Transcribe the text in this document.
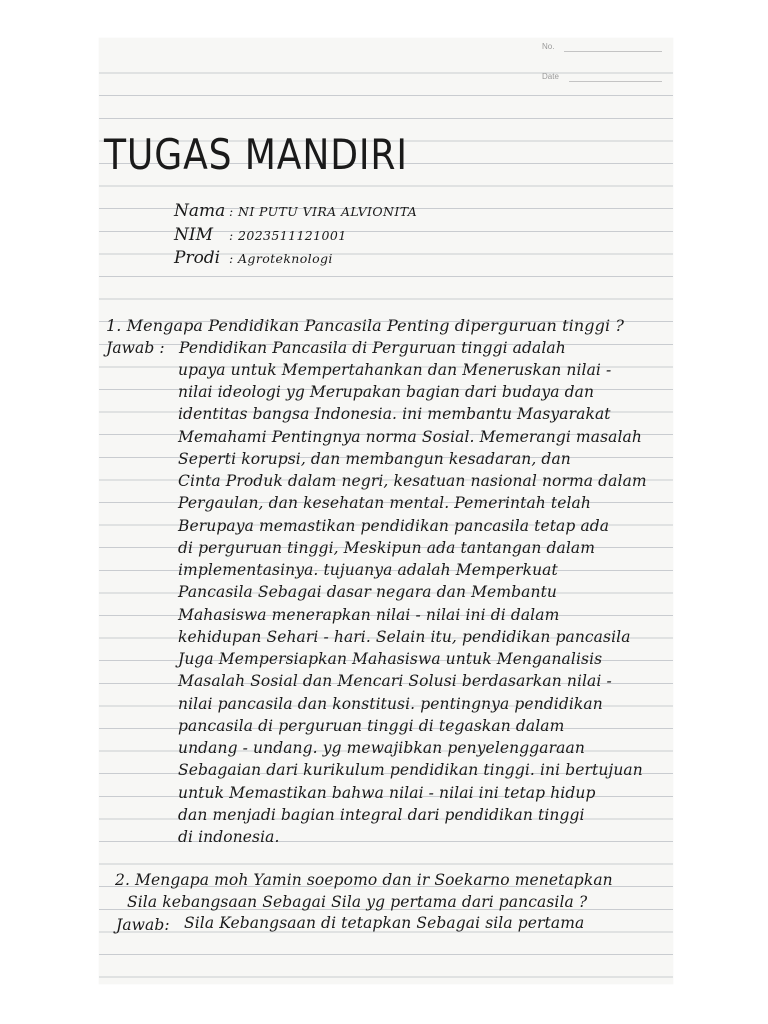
No.
Date
TUGAS MANDIRI
Nama : NI PUTU VIRA ALVIONITA
NIM	: 2023511121001
Prodi : Agroteknologi
1. Mengapa Pendidikan Pancasila Penting diperguruan tinggi ?
Jawab : Pendidikan Pancasila di Perguruan tinggi adalah
upaya untuk Mempertahankan dan Meneruskan nilai -
nilai ideologi yg Merupakan bagian dari budaya dan
identitas bangsa Indonesia. ini membantu Masyarakat
Memahami Pentingnya norma Sosial. Memerangi masalah
Seperti korupsi, dan membangun kesadaran, dan
Cinta Produk dalam negri, kesatuan nasional norma dalam
Pergaulan, dan kesehatan mental. Pemerintah telah
Berupaya memastikan pendidikan pancasila tetap ada
di perguruan tinggi, Meskipun ada tantangan dalam
implementasinya. tujuanya adalah Memperkuat
Pancasila Sebagai dasar negara dan Membantu
Mahasiswa menerapkan nilai - nilai ini di dalam
kehidupan Sehari - hari. Selain itu, pendidikan pancasila
Juga Mempersiapkan Mahasiswa untuk Menganalisis
Masalah Sosial dan Mencari Solusi berdasarkan nilai -
nilai pancasila dan konstitusi. pentingnya pendidikan
pancasila di perguruan tinggi di tegaskan dalam
undang - undang. yg mewajibkan penyelenggaraan
Sebagaian dari kurikulum pendidikan tinggi. ini bertujuan
untuk Memastikan bahwa nilai - nilai ini tetap hidup
dan menjadi bagian integral dari pendidikan tinggi
di indonesia.
2. Mengapa moh Yamin soepomo dan ir Soekarno menetapkan
Sila kebangsaan Sebagai Sila yg pertama dari pancasila ?
Jawab: Sila Kebangsaan di tetapkan Sebagai sila pertama
